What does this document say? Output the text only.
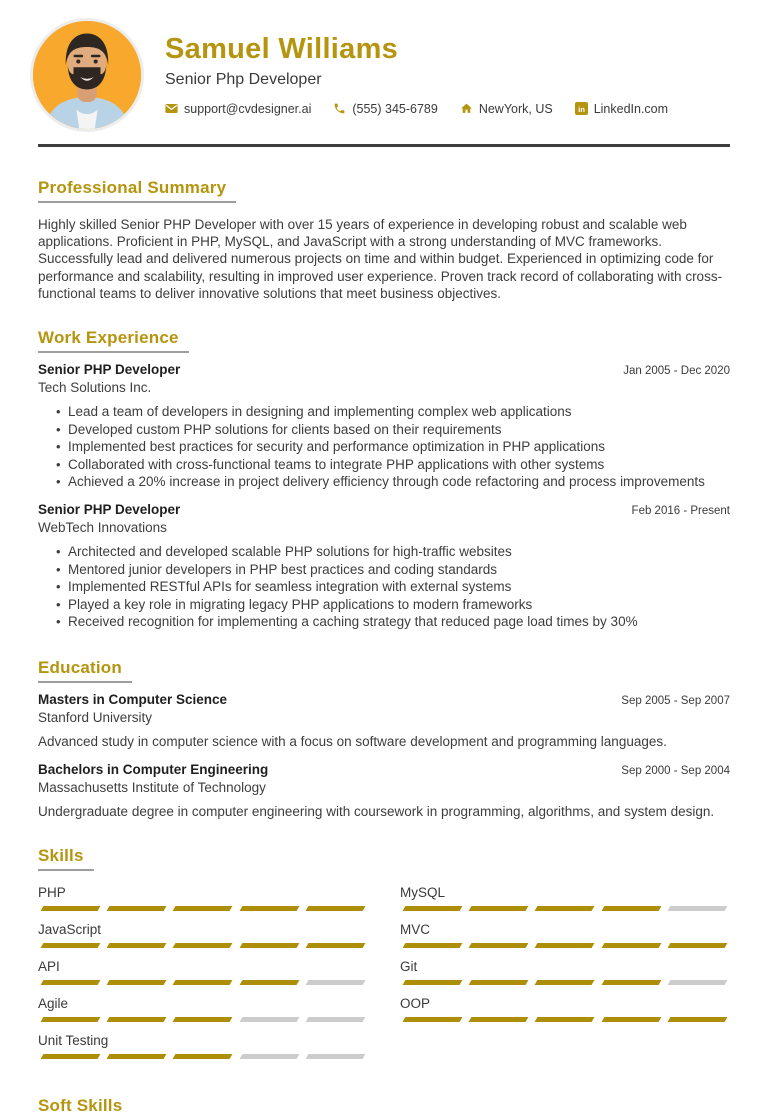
Samuel Williams
Senior Php Developer
support@cvdesigner.ai	(555) 345-6789	NewYork, US	in LinkedIn.com
Professional Summary

Highly skilled Senior PHP Developer with over 15 years of experience in developing robust and scalable web applications. Proficient in PHP, MySQL, and JavaScript with a strong understanding of MVC frameworks. Successfully lead and delivered numerous projects on time and within budget. Experienced in optimizing code for performance and scalability, resulting in improved user experience. Proven track record of collaborating with cross-functional teams to deliver innovative solutions that meet business objectives.

Work Experience
Senior PHP Developer	Jan 2005 - Dec 2020
Tech Solutions Inc.
• Lead a team of developers in designing and implementing complex web applications
• Developed custom PHP solutions for clients based on their requirements
• Implemented best practices for security and performance optimization in PHP applications
• Collaborated with cross-functional teams to integrate PHP applications with other systems
• Achieved a 20% increase in project delivery efficiency through code refactoring and process improvements
Senior PHP Developer	Feb 2016 - Present
WebTech Innovations
• Architected and developed scalable PHP solutions for high-traffic websites
• Mentored junior developers in PHP best practices and coding standards
• Implemented RESTful APIs for seamless integration with external systems
• Played a key role in migrating legacy PHP applications to modern frameworks
• Received recognition for implementing a caching strategy that reduced page load times by 30%
Education
Masters in Computer Science	Sep 2005 - Sep 2007
Stanford University
Advanced study in computer science with a focus on software development and programming languages.
Bachelors in Computer Engineering	Sep 2000 - Sep 2004
Massachusetts Institute of Technology
Undergraduate degree in computer engineering with coursework in programming, algorithms, and system design.
Skills
PHP	MySQL
JavaScript	MVC
API	Git
Agile	OOP
Unit Testing
Soft Skills
